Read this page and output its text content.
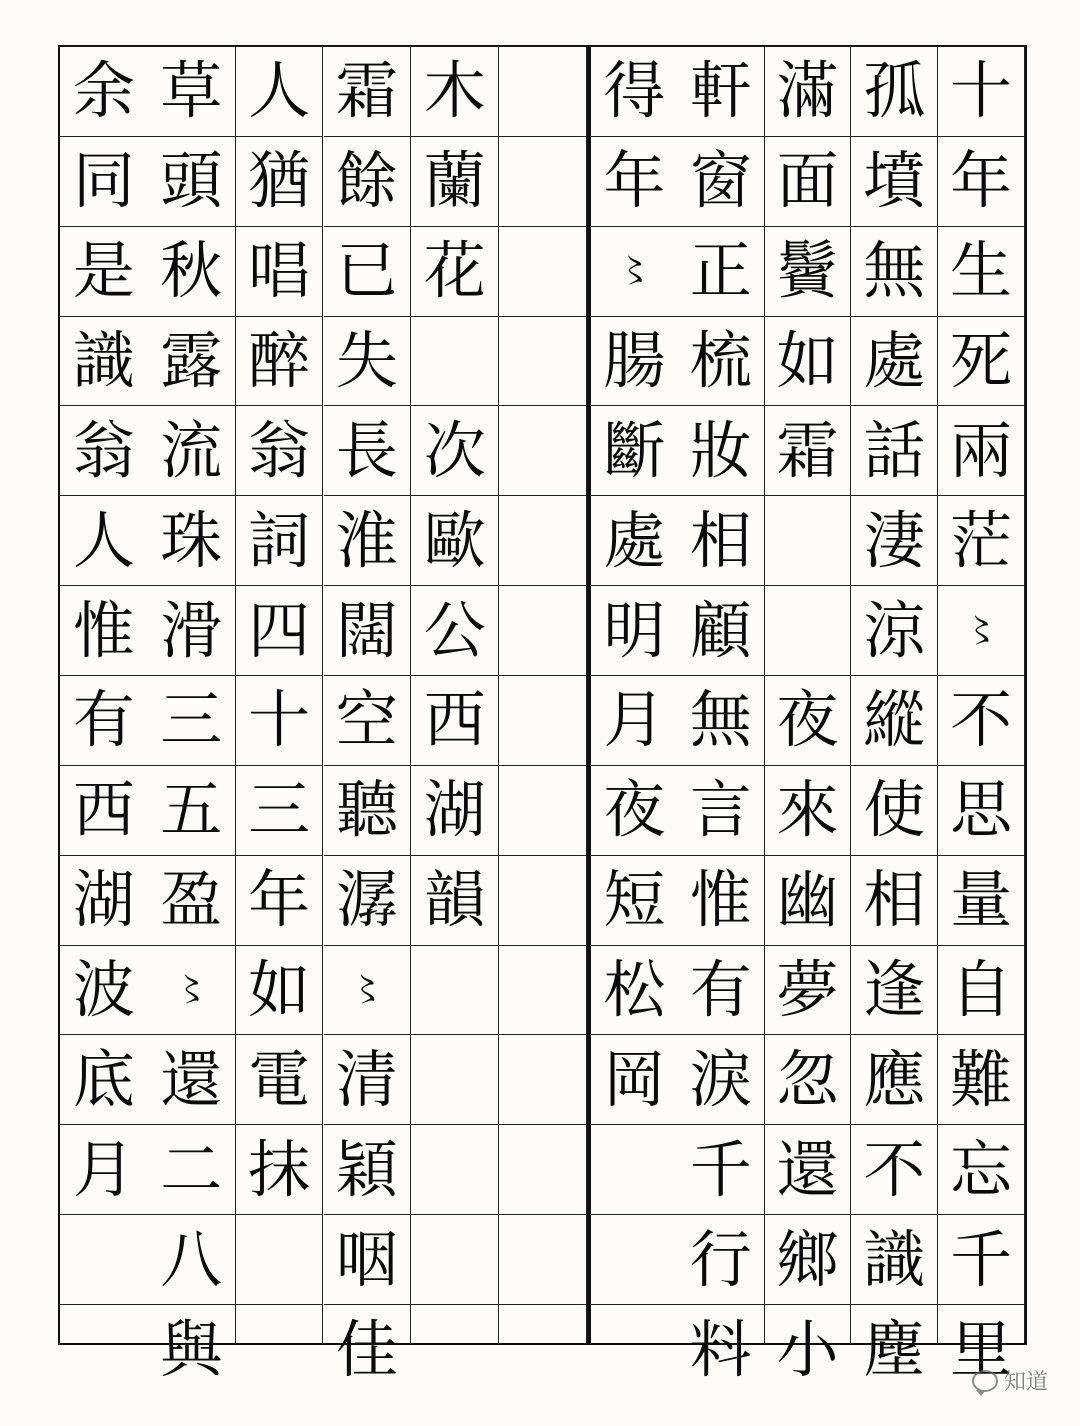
木
蘭
花
次
歐
公
西
湖
韻
霜
餘
已
失
長
淮
闊
空
聽
潺
〻
清
穎
咽
佳
人
猶
唱
醉
翁
詞
四
十
三
年
如
電
抹
草
頭
秋
露
流
珠
滑
三
五
盈
〻
還
二
八
與
余
同
是
識
翁
人
惟
有
西
湖
波
底
月
十
年
生
死
兩
茫
〻
不
思
量
自
難
忘
千
里
孤
墳
無
處
話
淒
涼
縱
使
相
逢
應
不
識
塵
滿
面
鬢
如
霜
夜
來
幽
夢
忽
還
鄉
小
軒
窗
正
梳
妝
相
顧
無
言
惟
有
淚
千
行
料
得
年
〻
腸
斷
處
明
月
夜
短
松
岡
知道
